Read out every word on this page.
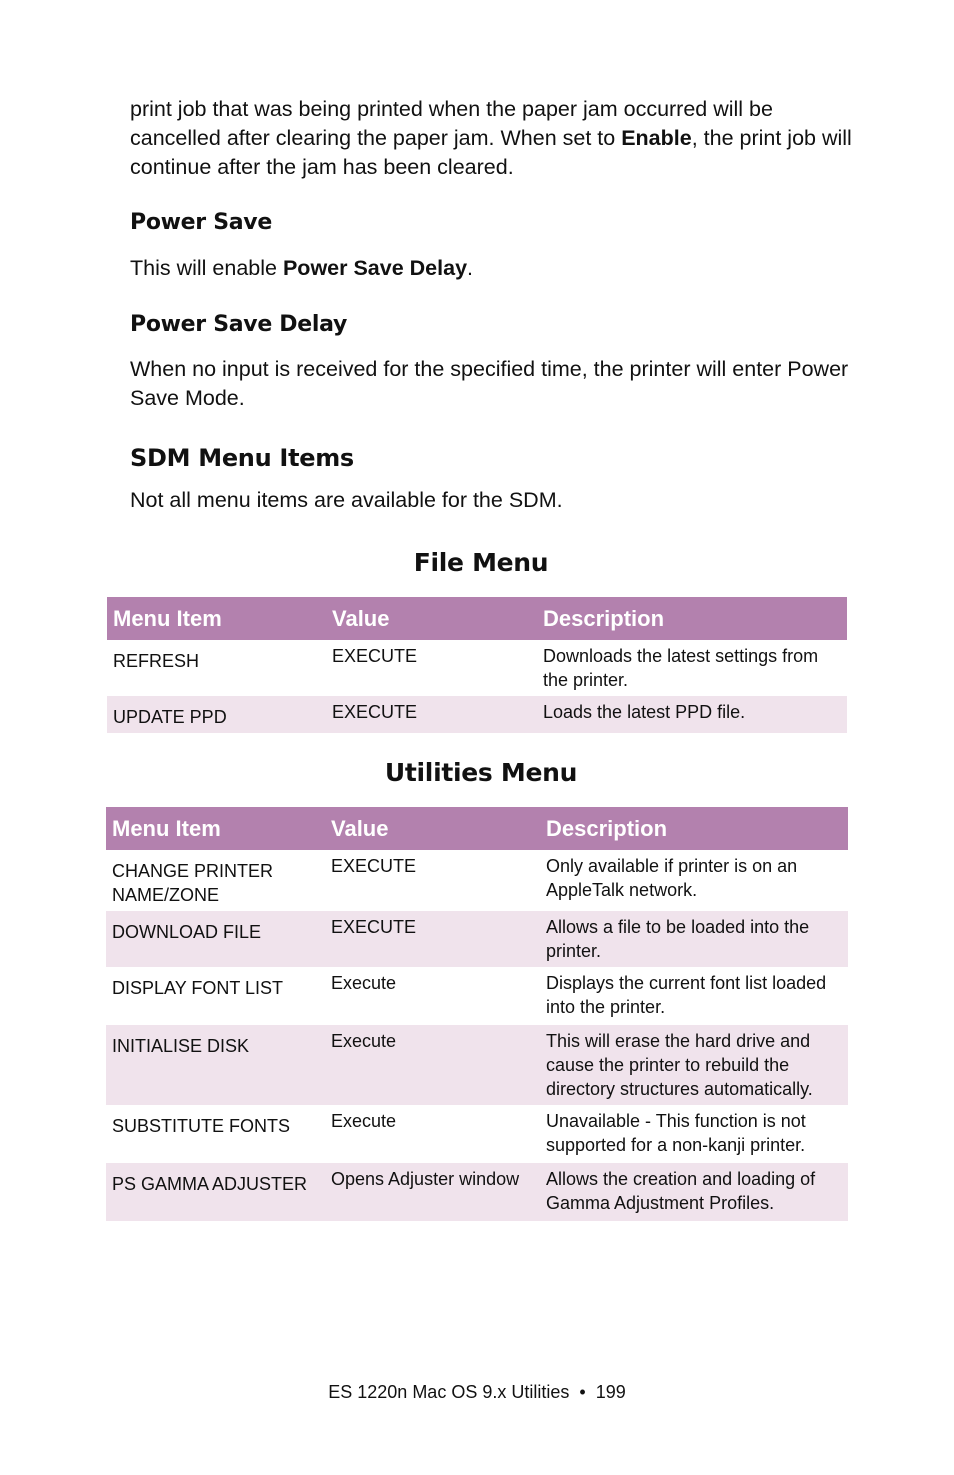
print job that was being printed when the paper jam occurred will be cancelled after clearing the paper jam. When set to Enable, the print job will continue after the jam has been cleared.

Power Save

This will enable Power Save Delay.

Power Save Delay

When no input is received for the specified time, the printer will enter Power Save Mode.

SDM Menu Items

Not all menu items are available for the SDM.

File Menu
Menu Item	Value	Description
REFRESH	EXECUTE	Downloads the latest settings from the printer.
UPDATE PPD	EXECUTE	Loads the latest PPD file.
Utilities Menu
Menu Item	Value	Description
CHANGE PRINTER NAME/ZONE	EXECUTE	Only available if printer is on an AppleTalk network.
DOWNLOAD FILE	EXECUTE	Allows a file to be loaded into the printer.
DISPLAY FONT LIST	Execute	Displays the current font list loaded into the printer.
INITIALISE DISK	Execute	This will erase the hard drive and cause the printer to rebuild the directory structures automatically.
SUBSTITUTE FONTS	Execute	Unavailable - This function is not supported for a non-kanji printer.
PS GAMMA ADJUSTER	Opens Adjuster window	Allows the creation and loading of Gamma Adjustment Profiles.

ES 1220n Mac OS 9.x Utilities • 199
